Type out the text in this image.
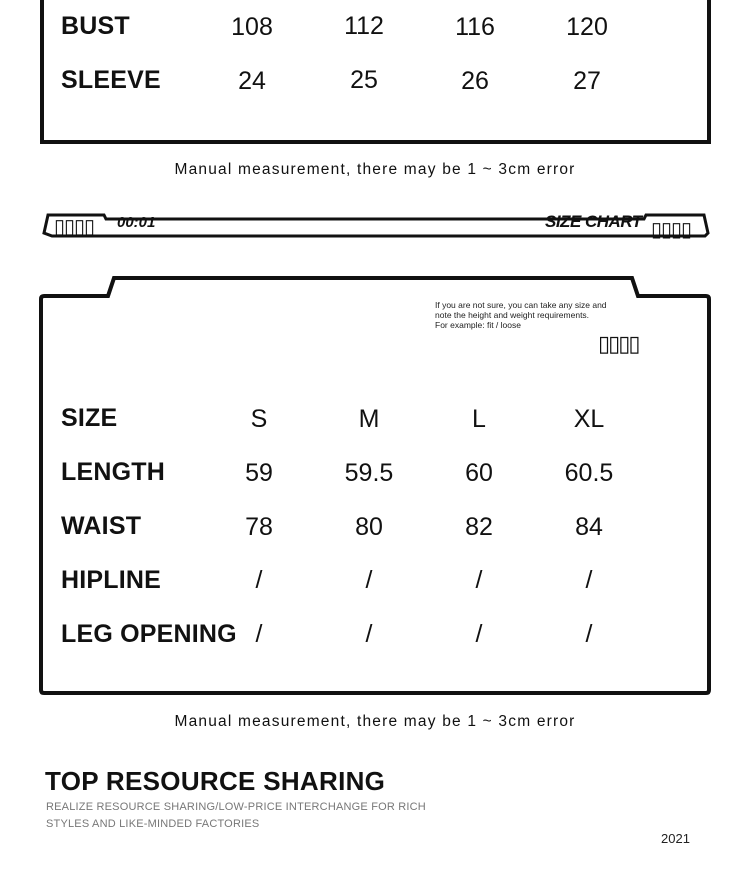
BUST	108	112	116	120
SLEEVE	24	25	26	27
Manual measurement, there may be 1 ~ 3cm error
▯▯▯▯ 00:01	SIZE CHART ▯▯▯▯
If you are not sure, you can take any size and
note the height and weight requirements.
For example: fit / loose
▯▯▯▯
SIZE	S	M	L	XL
LENGTH	59	59.5	60	60.5
WAIST	78	80	82	84
HIPLINE	/	/	/	/
LEG OPENING /	/	/	/
Manual measurement, there may be 1 ~ 3cm error
TOP RESOURCE SHARING
REALIZE RESOURCE SHARING/LOW-PRICE INTERCHANGE FOR RICH
STYLES AND LIKE-MINDED FACTORIES
2021
